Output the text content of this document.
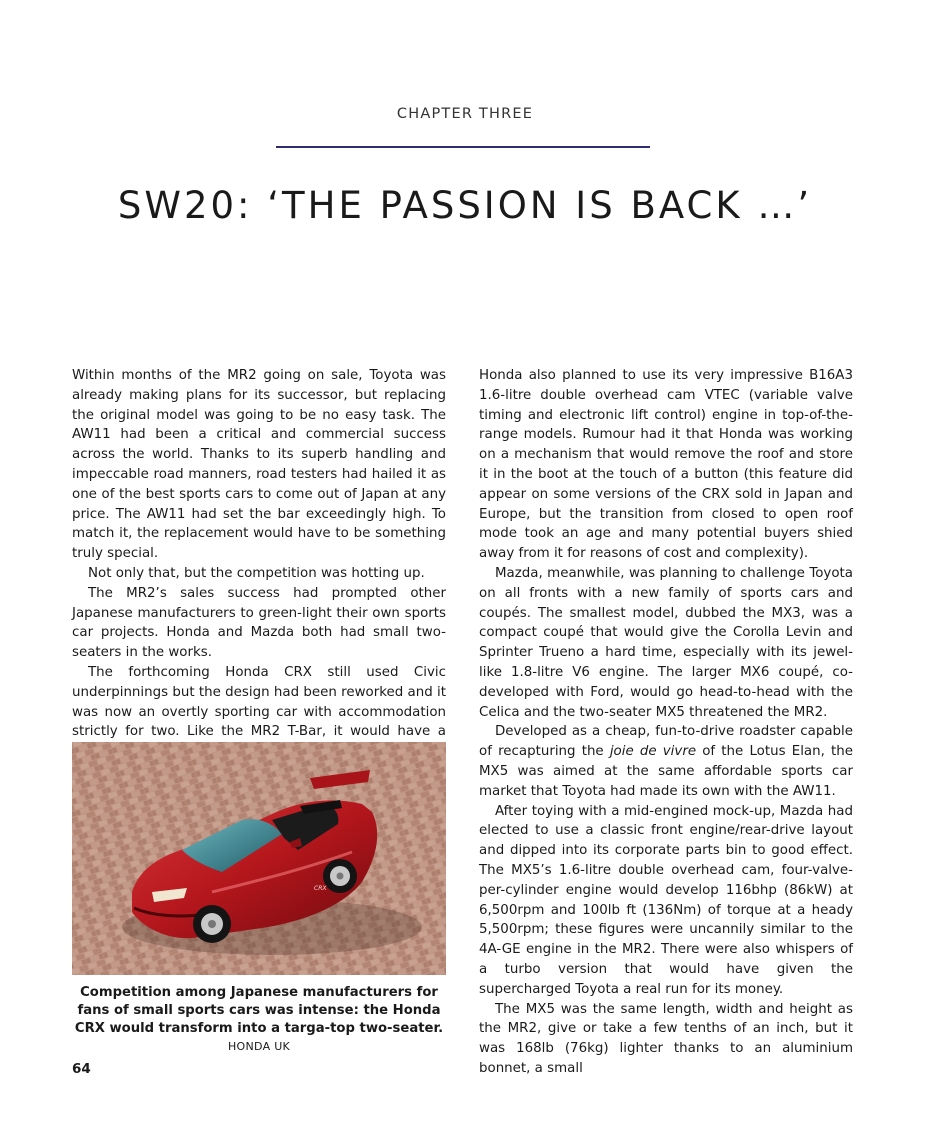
CHAPTER THREE
SW20: ‘THE PASSION IS BACK …’

Within months of the MR2 going on sale, Toyota was already making plans for its successor, but replacing the original model was going to be no easy task. The AW11 had been a critical and commercial success across the world. Thanks to its superb handling and impeccable road manners, road testers had hailed it as one of the best sports cars to come out of Japan at any price. The AW11 had set the bar exceedingly high. To match it, the replacement would have to be something truly special.

Not only that, but the competition was hotting up.

The MR2’s sales success had prompted other Japanese manufacturers to green-light their own sports car projects. Honda and Mazda both had small two-seaters in the works.

The forthcoming Honda CRX still used Civic underpinnings but the design had been reworked and it was now an overtly sporting car with accommodation strictly for two. Like the MR2 T-Bar, it would have a

CRX
Competition among Japanese manufacturers for fans of small sports cars was intense: the Honda CRX would transform into a targa-top two-seater. HONDA UK

Honda also planned to use its very impressive B16A3 1.6-litre double overhead cam VTEC (variable valve timing and electronic lift control) engine in top-of-the-range models. Rumour had it that Honda was working on a mechanism that would remove the roof and store it in the boot at the touch of a button (this feature did appear on some versions of the CRX sold in Japan and Europe, but the transition from closed to open roof mode took an age and many potential buyers shied away from it for reasons of cost and complexity).

Mazda, meanwhile, was planning to challenge Toyota on all fronts with a new family of sports cars and coupés. The smallest model, dubbed the MX3, was a compact coupé that would give the Corolla Levin and Sprinter Trueno a hard time, especially with its jewel-like 1.8-litre V6 engine. The larger MX6 coupé, co-developed with Ford, would go head-to-head with the Celica and the two-seater MX5 threatened the MR2.

Developed as a cheap, fun-to-drive roadster capable of recapturing the joie de vivre of the Lotus Elan, the MX5 was aimed at the same affordable sports car market that Toyota had made its own with the AW11.

After toying with a mid-engined mock-up, Mazda had elected to use a classic front engine/rear-drive layout and dipped into its corporate parts bin to good effect. The MX5’s 1.6-litre double overhead cam, four-valve-per-cylinder engine would develop 116bhp (86kW) at 6,500rpm and 100lb ft (136Nm) of torque at a heady 5,500rpm; these figures were uncannily similar to the 4A-GE engine in the MR2. There were also whispers of a turbo version that would have given the supercharged Toyota a real run for its money.

The MX5 was the same length, width and height as the MR2, give or take a few tenths of an inch, but it was 168lb (76kg) lighter thanks to an aluminium bonnet, a small

64
